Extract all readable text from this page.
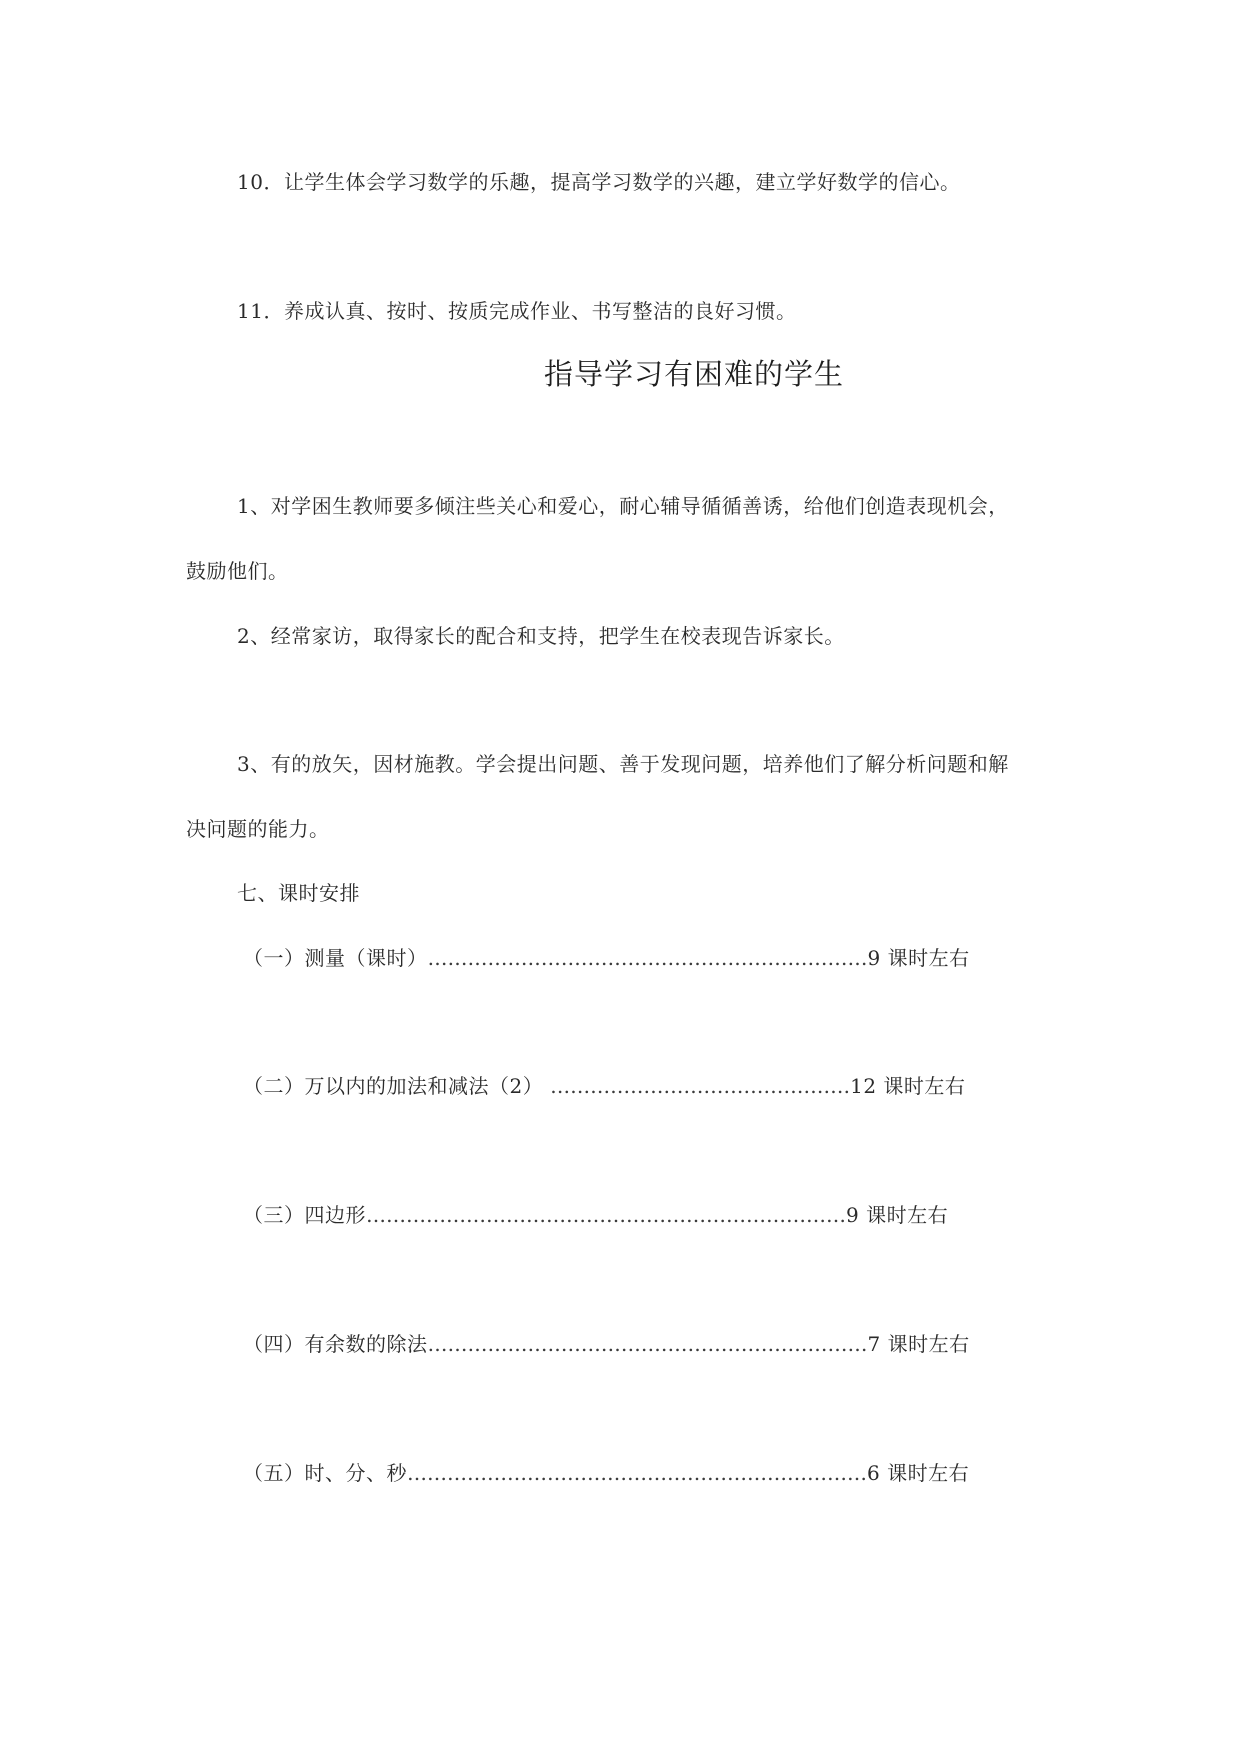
10．让学生体会学习数学的乐趣，提高学习数学的兴趣，建立学好数学的信心。

11．养成认真、按时、按质完成作业、书写整洁的良好习惯。

指导学习有困难的学生

1、对学困生教师要多倾注些关心和爱心，耐心辅导循循善诱，给他们创造表现机会，

鼓励他们。

2、经常家访，取得家长的配合和支持，把学生在校表现告诉家长。

3、有的放矢，因材施教。学会提出问题、善于发现问题，培养他们了解分析问题和解

决问题的能力。

七、课时安排

（一）测量（课时）…………………………………………………………9 课时左右
（二）万以内的加法和减法（2） ………………………………………12 课时左右
（三）四边形………………………………………………………………9 课时左右
（四）有余数的除法…………………………………………………………7 课时左右
（五）时、分、秒……………………………………………………………6 课时左右
